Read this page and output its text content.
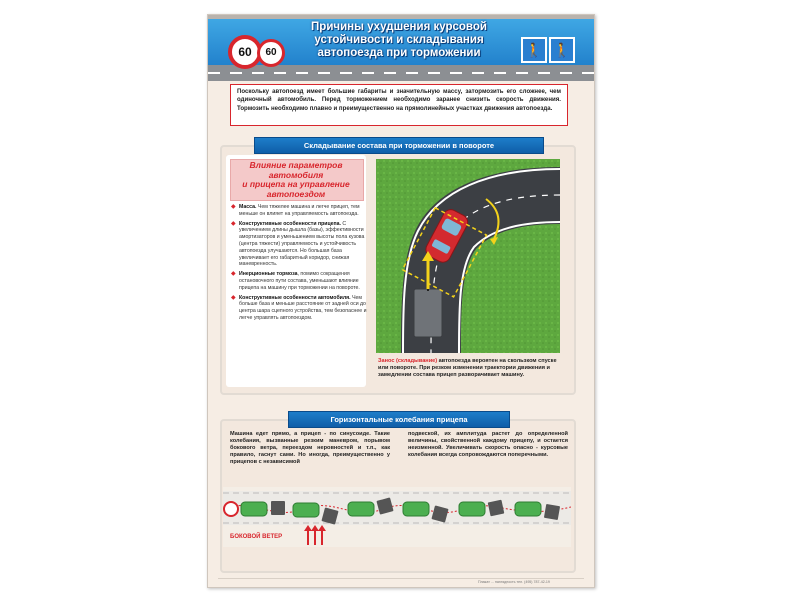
60	60	🚶 🚶
Причины ухудшения курсовой
устойчивости и складывания
автопоезда при торможении
Поскольку автопоезд имеет большие габариты и значительную массу, затормозить его сложнее, чем одиночный автомобиль. Перед торможением необходимо заранее снизить скорость движения. Тормозить необходимо плавно и преимущественно на прямолинейных участках движения автопоезда.
Складывание состава при торможении в повороте
Влияние параметров
автомобиля
и прицепа на управление
автопоездом
◆ Масса. Чем тяжелее машина и легче прицеп, тем меньше он влияет на управляемость автопоезда.
◆ Конструктивные особенности прицепа. С увеличением длины дышла (базы), эффективности амортизаторов и уменьшением высоты пола кузова (центра тяжести) управляемость и устойчивость автопоезда улучшаются. Но большая база увеличивает его габаритный коридор, снижая маневренность.
◆ Инерционные тормоза, помимо сокращения остановочного пути состава, уменьшают влияние прицепа на машину при торможении на повороте.
◆ Конструктивные особенности автомобиля. Чем больше база и меньше расстояние от задней оси до центра шара сцепного устройства, тем безопаснее и легче управлять автопоездом.
Занос (складывание) автопоезда вероятен на скользком спуске или повороте. При резком изменении траектории движения и замедлении состава прицеп разворачивает машину.
Горизонтальные колебания прицепа
Машина едет прямо, а прицеп - по синусоиде. Такие колебания, вызванные резким маневром, порывом бокового ветра, переездом неровностей и т.п., как правило, гаснут сами. Но иногда, преимущественно у прицепов с независимой
подвеской, их амплитуда растет до определенной величины, свойственной каждому прицепу, и остается неизменной. Увеличивать скорость опасно - курсовые колебания всегда сопровождаются поперечными.
БОКОВОЙ ВЕТЕР
Плакат ... наглядность тел. (495) 787-42-19
